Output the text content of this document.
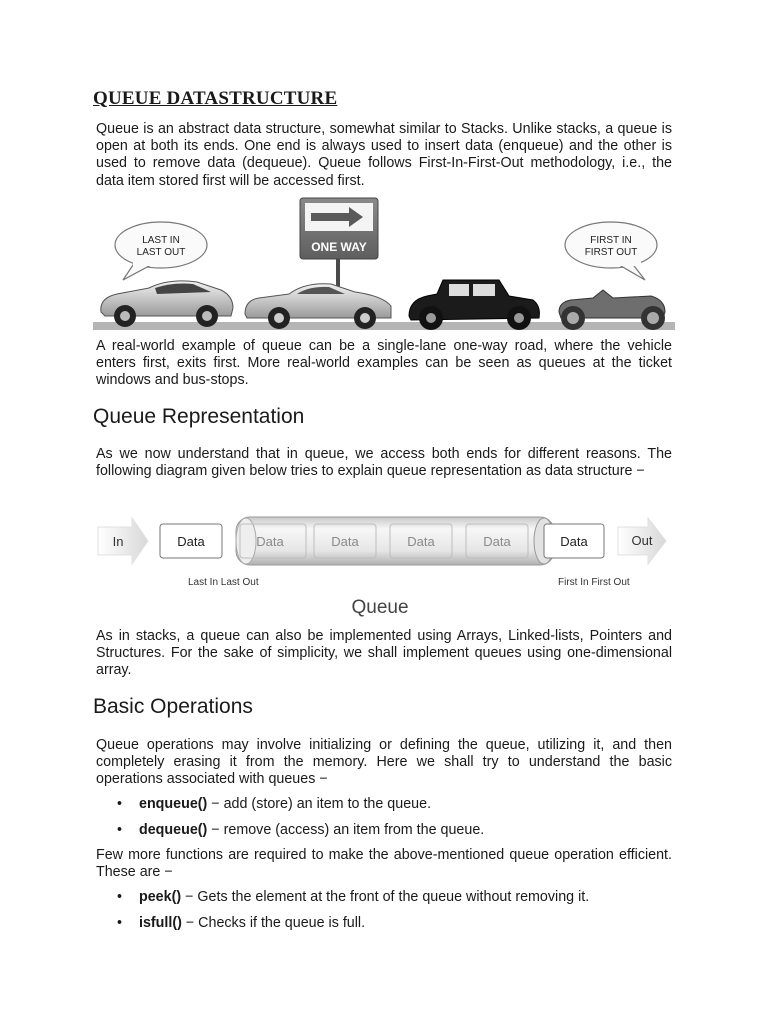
QUEUE DATASTRUCTURE

Queue is an abstract data structure, somewhat similar to Stacks. Unlike stacks, a queue is open at both its ends. One end is always used to insert data (enqueue) and the other is used to remove data (dequeue). Queue follows First-In-First-Out methodology, i.e., the data item stored first will be accessed first.

LAST IN
LAST OUT
FIRST IN
FIRST OUT
ONE WAY

A real-world example of queue can be a single-lane one-way road, where the vehicle enters first, exits first. More real-world examples can be seen as queues at the ticket windows and bus-stops.

Queue Representation

As we now understand that in queue, we access both ends for different reasons. The following diagram given below tries to explain queue representation as data structure −

In	Data	Data	Data	Data	Data	Data	Out
Last In Last Out	First In First Out
Queue

As in stacks, a queue can also be implemented using Arrays, Linked-lists, Pointers and Structures. For the sake of simplicity, we shall implement queues using one-dimensional array.

Basic Operations

Queue operations may involve initializing or defining the queue, utilizing it, and then completely erasing it from the memory. Here we shall try to understand the basic operations associated with queues −

• enqueue() − add (store) an item to the queue.
• dequeue() − remove (access) an item from the queue.

Few more functions are required to make the above-mentioned queue operation efficient. These are −

• peek() − Gets the element at the front of the queue without removing it.
• isfull() − Checks if the queue is full.
